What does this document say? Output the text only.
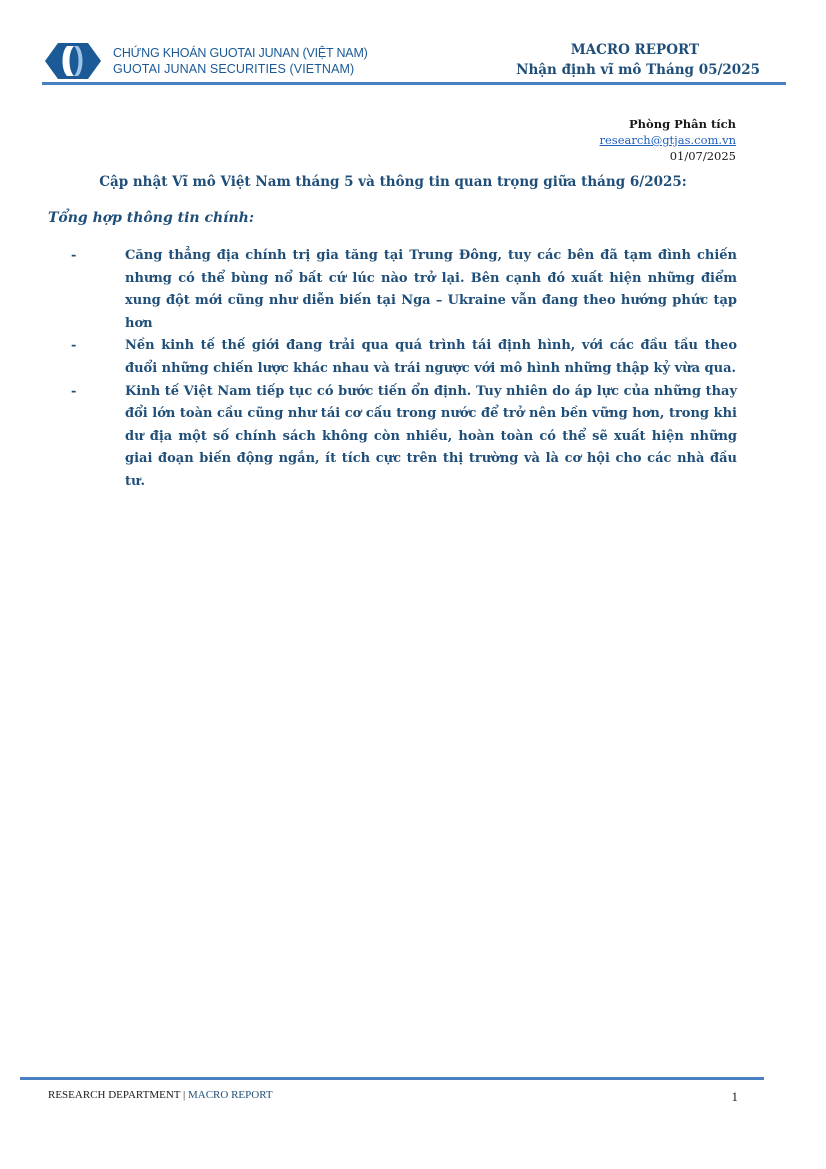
CHỨNG KHOÁN GUOTAI JUNAN (VIỆT NAM)
GUOTAI JUNAN SECURITIES (VIETNAM)
MACRO REPORT
Nhận định vĩ mô Tháng 05/2025
Phòng Phân tích
research@gtjas.com.vn
01/07/2025
Cập nhật Vĩ mô Việt Nam tháng 5 và thông tin quan trọng giữa tháng 6/2025:
Tổng hợp thông tin chính:
-	Căng thẳng địa chính trị gia tăng tại Trung Đông, tuy các bên đã tạm đình chiến nhưng có thể bùng nổ bất cứ lúc nào trở lại. Bên cạnh đó xuất hiện những điểm xung đột mới cũng như diễn biến tại Nga – Ukraine vẫn đang theo hướng phức tạp hơn
-	Nền kinh tế thế giới đang trải qua quá trình tái định hình, với các đầu tầu theo đuổi những chiến lược khác nhau và trái ngược với mô hình những thập kỷ vừa qua.
-	Kinh tế Việt Nam tiếp tục có bước tiến ổn định. Tuy nhiên do áp lực của những thay đổi lớn toàn cầu cũng như tái cơ cấu trong nước để trở nên bền vững hơn, trong khi dư địa một số chính sách không còn nhiều, hoàn toàn có thể sẽ xuất hiện những giai đoạn biến động ngắn, ít tích cực trên thị trường và là cơ hội cho các nhà đầu tư.
RESEARCH DEPARTMENT | MACRO REPORT	1
